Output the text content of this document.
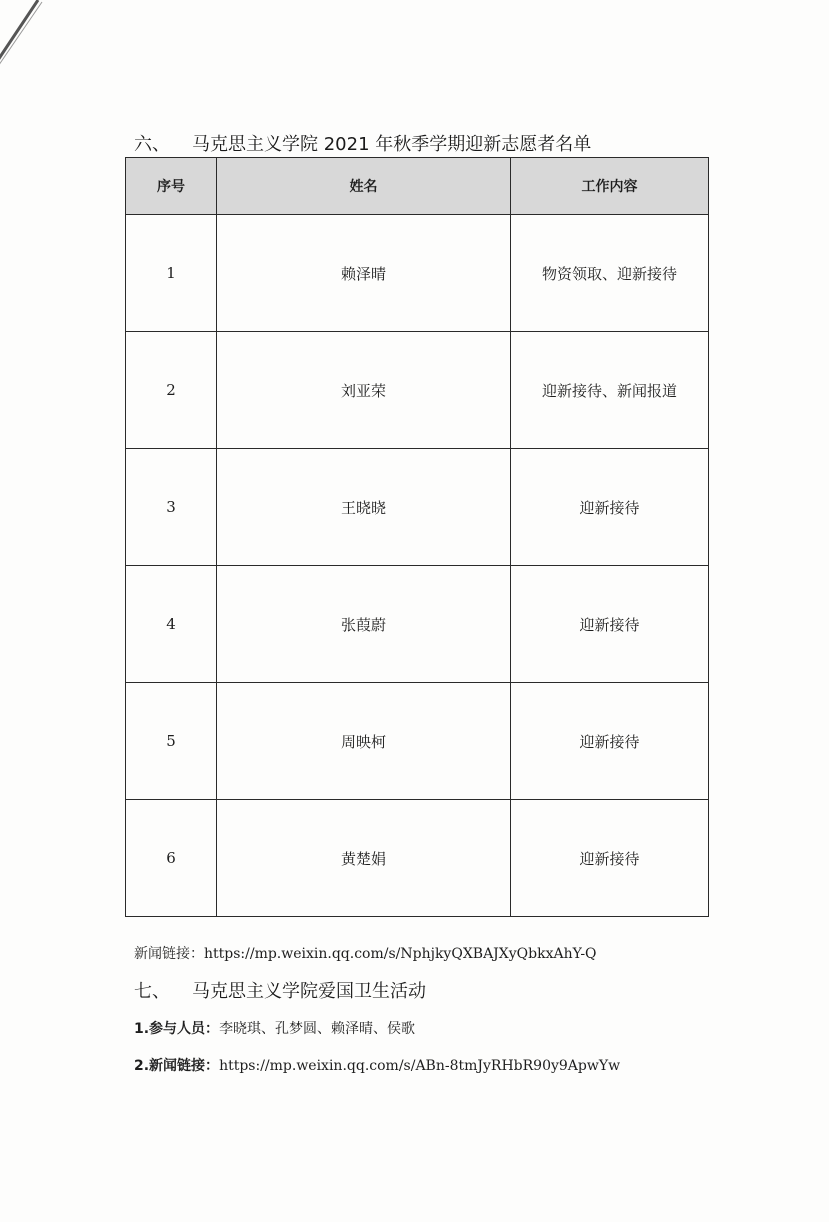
六、 马克思主义学院 2021 年秋季学期迎新志愿者名单
序号	姓名	工作内容
1	赖泽晴	物资领取、迎新接待
2	刘亚荣	迎新接待、新闻报道
3	王晓晓	迎新接待
4	张葭蔚	迎新接待
5	周映柯	迎新接待
6	黄楚娟	迎新接待
新闻链接：https://mp.weixin.qq.com/s/NphjkyQXBAJXyQbkxAhY-Q
七、 马克思主义学院爱国卫生活动
1.参与人员：李晓琪、孔梦圆、赖泽晴、侯歌
2.新闻链接：https://mp.weixin.qq.com/s/ABn-8tmJyRHbR90y9ApwYw
